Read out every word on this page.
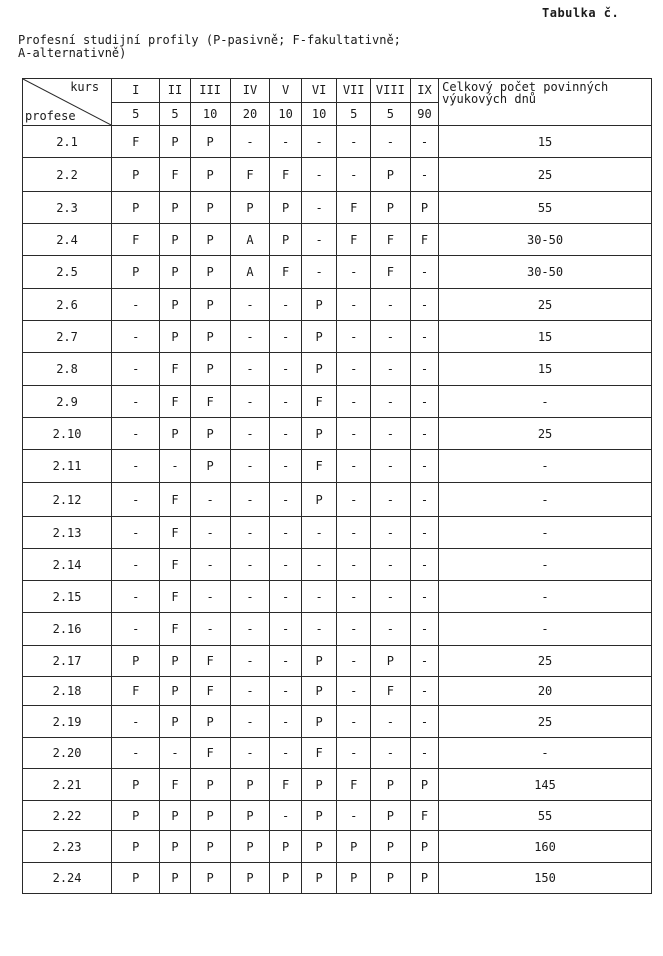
Tabulka č.
Profesní studijní profily (P-pasivně; F-fakultativně;
A-alternativně)
kurs
profese	I	II	III	IV	V	VI	VII	VIII	IX	Celkový počet povinných výukových dnů
	5	5	10	20	10	10	5	5	90	
2.1	F	P	P	-	-	-	-	-	-	15
2.2	P	F	P	F	F	-	-	P	-	25
2.3	P	P	P	P	P	-	F	P	P	55
2.4	F	P	P	A	P	-	F	F	F	30-50
2.5	P	P	P	A	F	-	-	F	-	30-50
2.6	-	P	P	-	-	P	-	-	-	25
2.7	-	P	P	-	-	P	-	-	-	15
2.8	-	F	P	-	-	P	-	-	-	15
2.9	-	F	F	-	-	F	-	-	-	-
2.10	-	P	P	-	-	P	-	-	-	25
2.11	-	-	P	-	-	F	-	-	-	-
2.12	-	F	-	-	-	P	-	-	-	-
2.13	-	F	-	-	-	-	-	-	-	-
2.14	-	F	-	-	-	-	-	-	-	-
2.15	-	F	-	-	-	-	-	-	-	-
2.16	-	F	-	-	-	-	-	-	-	-
2.17	P	P	F	-	-	P	-	P	-	25
2.18	F	P	F	-	-	P	-	F	-	20
2.19	-	P	P	-	-	P	-	-	-	25
2.20	-	-	F	-	-	F	-	-	-	-
2.21	P	F	P	P	F	P	F	P	P	145
2.22	P	P	P	P	-	P	-	P	F	55
2.23	P	P	P	P	P	P	P	P	P	160
2.24	P	P	P	P	P	P	P	P	P	150
